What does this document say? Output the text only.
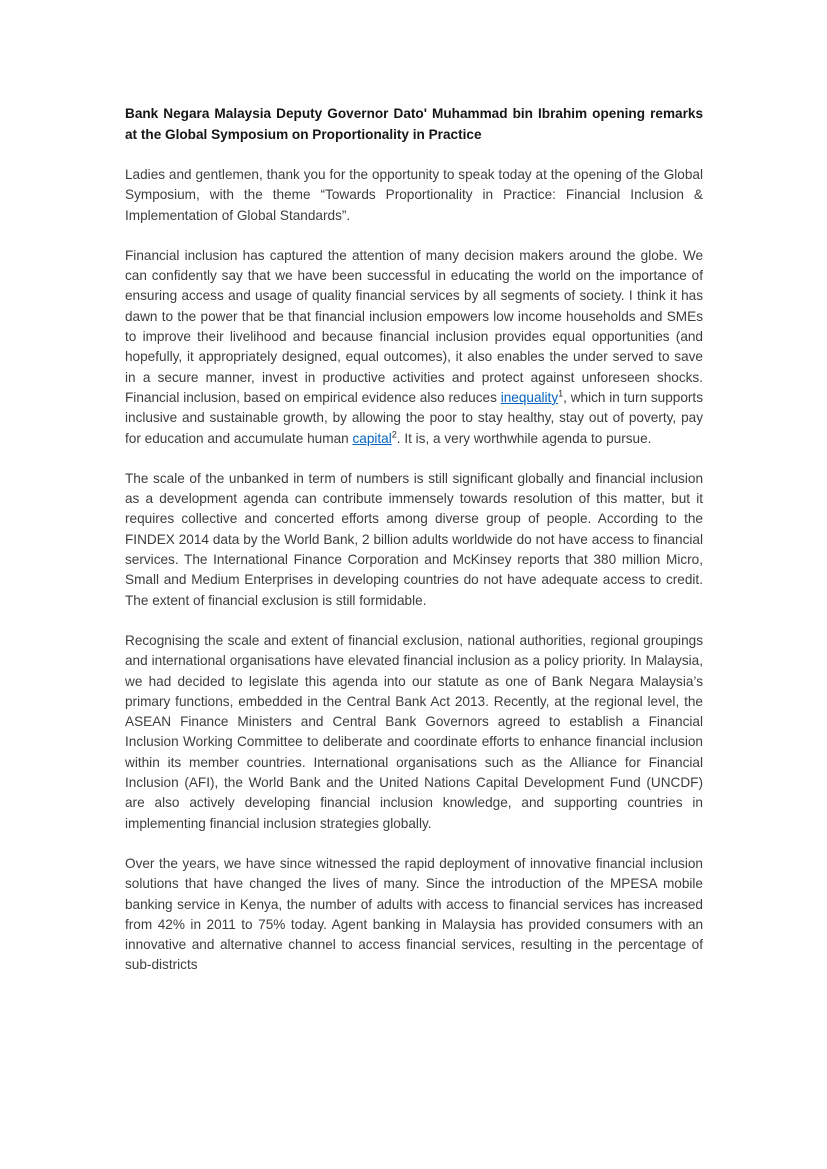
Bank Negara Malaysia Deputy Governor Dato' Muhammad bin Ibrahim opening remarks at the Global Symposium on Proportionality in Practice

Ladies and gentlemen, thank you for the opportunity to speak today at the opening of the Global Symposium, with the theme “Towards Proportionality in Practice: Financial Inclusion & Implementation of Global Standards”.

Financial inclusion has captured the attention of many decision makers around the globe. We can confidently say that we have been successful in educating the world on the importance of ensuring access and usage of quality financial services by all segments of society. I think it has dawn to the power that be that financial inclusion empowers low income households and SMEs to improve their livelihood and because financial inclusion provides equal opportunities (and hopefully, it appropriately designed, equal outcomes), it also enables the under served to save in a secure manner, invest in productive activities and protect against unforeseen shocks. Financial inclusion, based on empirical evidence also reduces inequality$^1$, which in turn supports inclusive and sustainable growth, by allowing the poor to stay healthy, stay out of poverty, pay for education and accumulate human capital$^2$. It is, a very worthwhile agenda to pursue.

The scale of the unbanked in term of numbers is still significant globally and financial inclusion as a development agenda can contribute immensely towards resolution of this matter, but it requires collective and concerted efforts among diverse group of people. According to the FINDEX 2014 data by the World Bank, 2 billion adults worldwide do not have access to financial services. The International Finance Corporation and McKinsey reports that 380 million Micro, Small and Medium Enterprises in developing countries do not have adequate access to credit. The extent of financial exclusion is still formidable.

Recognising the scale and extent of financial exclusion, national authorities, regional groupings and international organisations have elevated financial inclusion as a policy priority. In Malaysia, we had decided to legislate this agenda into our statute as one of Bank Negara Malaysia’s primary functions, embedded in the Central Bank Act 2013. Recently, at the regional level, the ASEAN Finance Ministers and Central Bank Governors agreed to establish a Financial Inclusion Working Committee to deliberate and coordinate efforts to enhance financial inclusion within its member countries. International organisations such as the Alliance for Financial Inclusion (AFI), the World Bank and the United Nations Capital Development Fund (UNCDF) are also actively developing financial inclusion knowledge, and supporting countries in implementing financial inclusion strategies globally.

Over the years, we have since witnessed the rapid deployment of innovative financial inclusion solutions that have changed the lives of many. Since the introduction of the MPESA mobile banking service in Kenya, the number of adults with access to financial services has increased from 42% in 2011 to 75% today. Agent banking in Malaysia has provided consumers with an innovative and alternative channel to access financial services, resulting in the percentage of sub-districts
